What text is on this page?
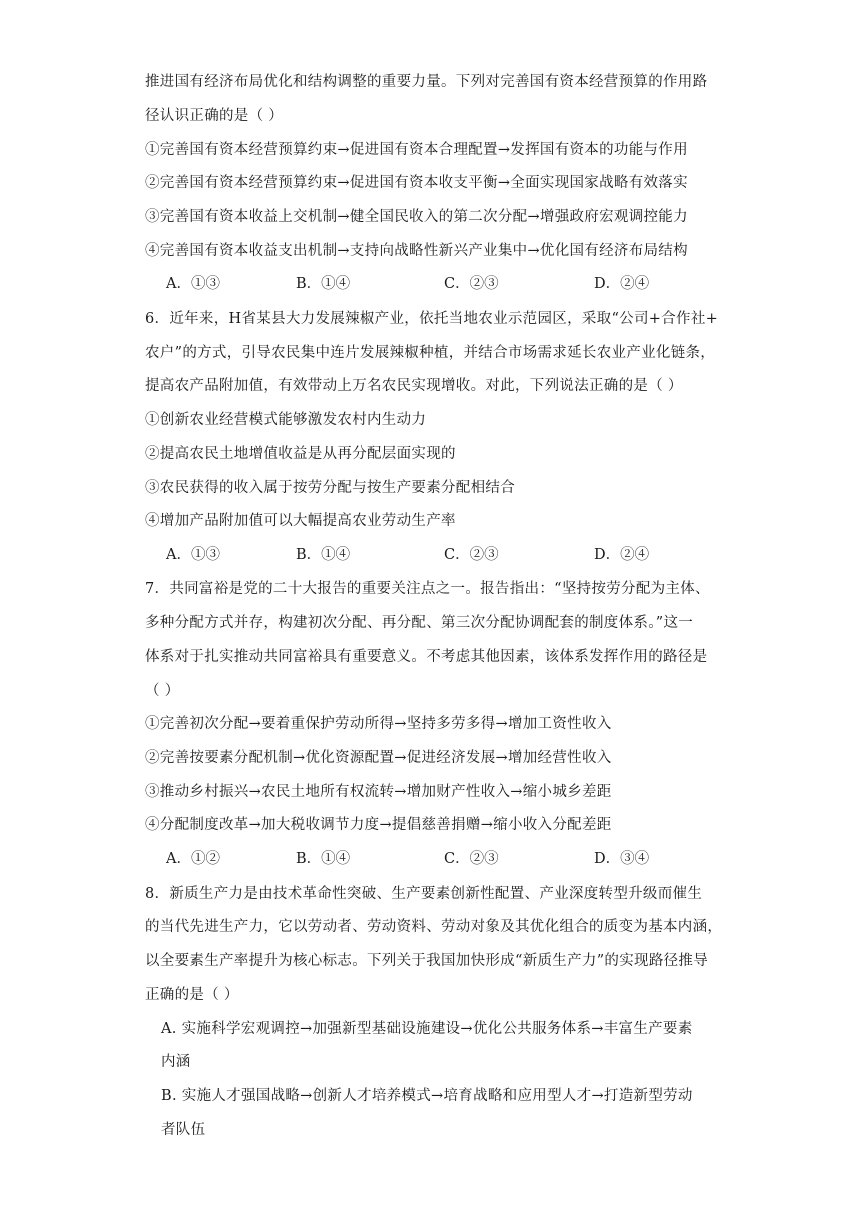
推进国有经济布局优化和结构调整的重要力量。下列对完善国有资本经营预算的作用路
径认识正确的是（ ）
①完善国有资本经营预算约束→促进国有资本合理配置→发挥国有资本的功能与作用
②完善国有资本经营预算约束→促进国有资本收支平衡→全面实现国家战略有效落实
③完善国有资本收益上交机制→健全国民收入的第二次分配→增强政府宏观调控能力
④完善国有资本收益支出机制→支持向战略性新兴产业集中→优化国有经济布局结构
A．①③	B．①④	C．②③	D．②④
6．近年来，H省某县大力发展辣椒产业，依托当地农业示范园区，采取“公司+合作社+
农户”的方式，引导农民集中连片发展辣椒种植，并结合市场需求延长农业产业化链条，
提高农产品附加值，有效带动上万名农民实现增收。对此，下列说法正确的是（ ）
①创新农业经营模式能够激发农村内生动力
②提高农民土地增值收益是从再分配层面实现的
③农民获得的收入属于按劳分配与按生产要素分配相结合
④增加产品附加值可以大幅提高农业劳动生产率
A．①③	B．①④	C．②③	D．②④
7．共同富裕是党的二十大报告的重要关注点之一。报告指出：“坚持按劳分配为主体、
多种分配方式并存，构建初次分配、再分配、第三次分配协调配套的制度体系。”这一
体系对于扎实推动共同富裕具有重要意义。不考虑其他因素，该体系发挥作用的路径是
（ ）
①完善初次分配→要着重保护劳动所得→坚持多劳多得→增加工资性收入
②完善按要素分配机制→优化资源配置→促进经济发展→增加经营性收入
③推动乡村振兴→农民土地所有权流转→增加财产性收入→缩小城乡差距
④分配制度改革→加大税收调节力度→提倡慈善捐赠→缩小收入分配差距
A．①②	B．①④	C．②③	D．③④
8．新质生产力是由技术革命性突破、生产要素创新性配置、产业深度转型升级而催生
的当代先进生产力，它以劳动者、劳动资料、劳动对象及其优化组合的质变为基本内涵，
以全要素生产率提升为核心标志。下列关于我国加快形成“新质生产力”的实现路径推导
正确的是（ ）
A. 实施科学宏观调控→加强新型基础设施建设→优化公共服务体系→丰富生产要素
内涵
B. 实施人才强国战略→创新人才培养模式→培育战略和应用型人才→打造新型劳动
者队伍
